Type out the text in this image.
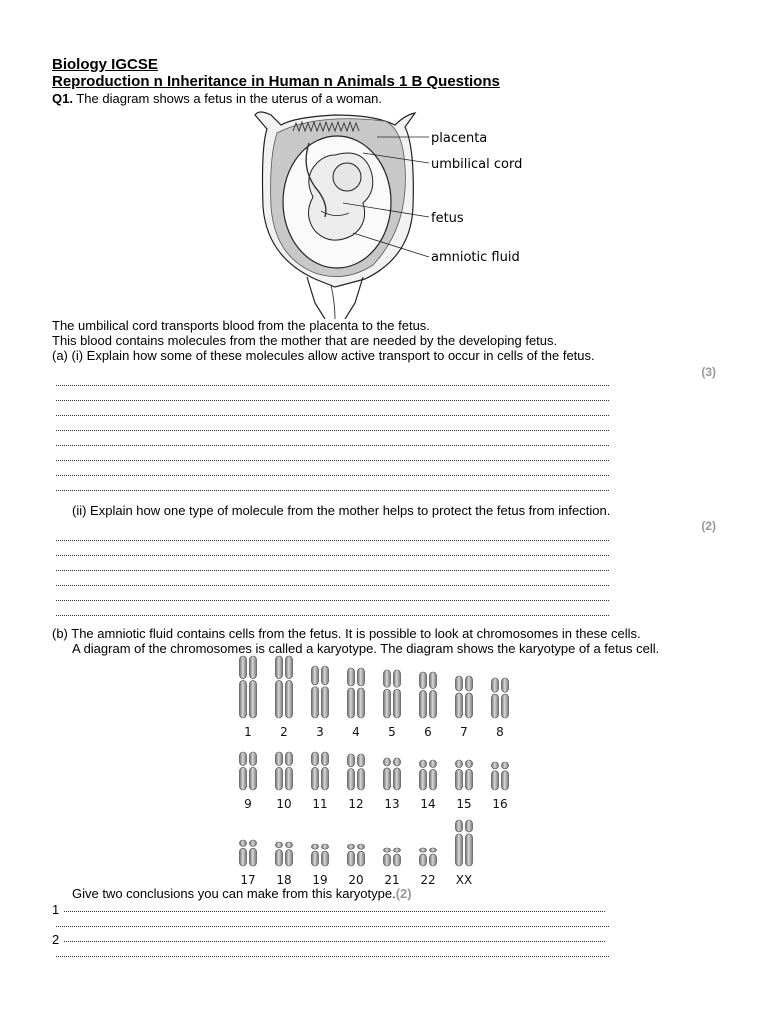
Biology IGCSE
Reproduction n Inheritance in Human n Animals 1 B Questions
Q1. The diagram shows a fetus in the uterus of a woman.
placenta
umbilical cord
fetus
amniotic fluid
The umbilical cord transports blood from the placenta to the fetus.
This blood contains molecules from the mother that are needed by the developing fetus.
(a) (i) Explain how some of these molecules allow active transport to occur in cells of the fetus.
(3)
(ii) Explain how one type of molecule from the mother helps to protect the fetus from infection.
(2)
(b) The amniotic fluid contains cells from the fetus. It is possible to look at chromosomes in these cells.
A diagram of the chromosomes is called a karyotype. The diagram shows the karyotype of a fetus cell.
1 2 3 4 5 6 7 8
9 10 11 12 13 14 15 16
17 18 19 20 21 22 XX
Give two conclusions you can make from this karyotype.(2)
1
2
